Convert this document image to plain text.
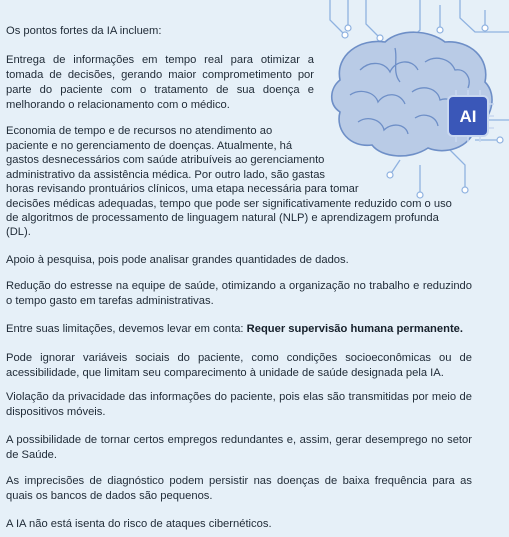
AI

Os pontos fortes da IA incluem:

Entrega de informações em tempo real para otimizar a tomada de decisões, gerando maior comprometimento por parte do paciente com o tratamento de sua doença e melhorando o relacionamento com o médico.

Economia de tempo e de recursos no atendimento ao

paciente e no gerenciamento de doenças. Atualmente, há

gastos desnecessários com saúde atribuíveis ao gerenciamento

administrativo da assistência médica. Por outro lado, são gastas

horas revisando prontuários clínicos, uma etapa necessária para tomar

decisões médicas adequadas, tempo que pode ser significativamente reduzido com o uso

de algoritmos de processamento de linguagem natural (NLP) e aprendizagem profunda

(DL).

Apoio à pesquisa, pois pode analisar grandes quantidades de dados.

Redução do estresse na equipe de saúde, otimizando a organização no trabalho e reduzindo o tempo gasto em tarefas administrativas.

Entre suas limitações, devemos levar em conta: Requer supervisão humana permanente.

Pode ignorar variáveis sociais do paciente, como condições socioeconômicas ou de acessibilidade, que limitam seu comparecimento à unidade de saúde designada pela IA.

Violação da privacidade das informações do paciente, pois elas são transmitidas por meio de dispositivos móveis.

A possibilidade de tornar certos empregos redundantes e, assim, gerar desemprego no setor de Saúde.

As imprecisões de diagnóstico podem persistir nas doenças de baixa frequência para as quais os bancos de dados são pequenos.

A IA não está isenta do risco de ataques cibernéticos.
